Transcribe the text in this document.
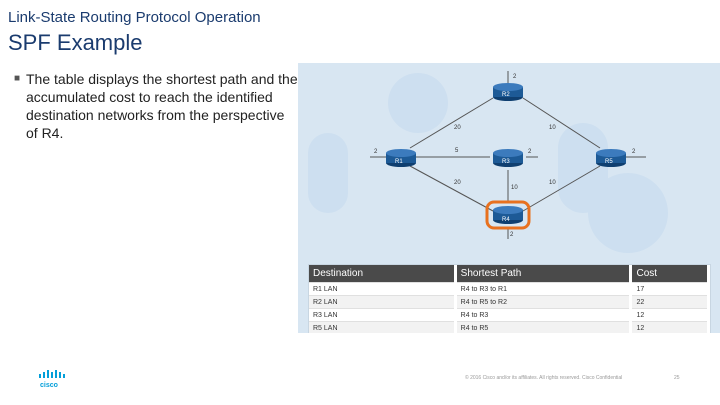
Link-State Routing Protocol Operation
SPF Example
■ The table displays the shortest path and the accumulated cost to reach the identified destination networks from the perspective of R4.
2
2	2
2
2
20	10
5
20
10
10
R2
R1	R3	R5
R4
Destination	Shortest Path	Cost
R1 LAN	R4 to R3 to R1	17
R2 LAN	R4 to R5 to R2	22
R3 LAN	R4 to R3	12
R5 LAN	R4 to R5	12
cisco
© 2016 Cisco and/or its affiliates. All rights reserved. Cisco Confidential	25
